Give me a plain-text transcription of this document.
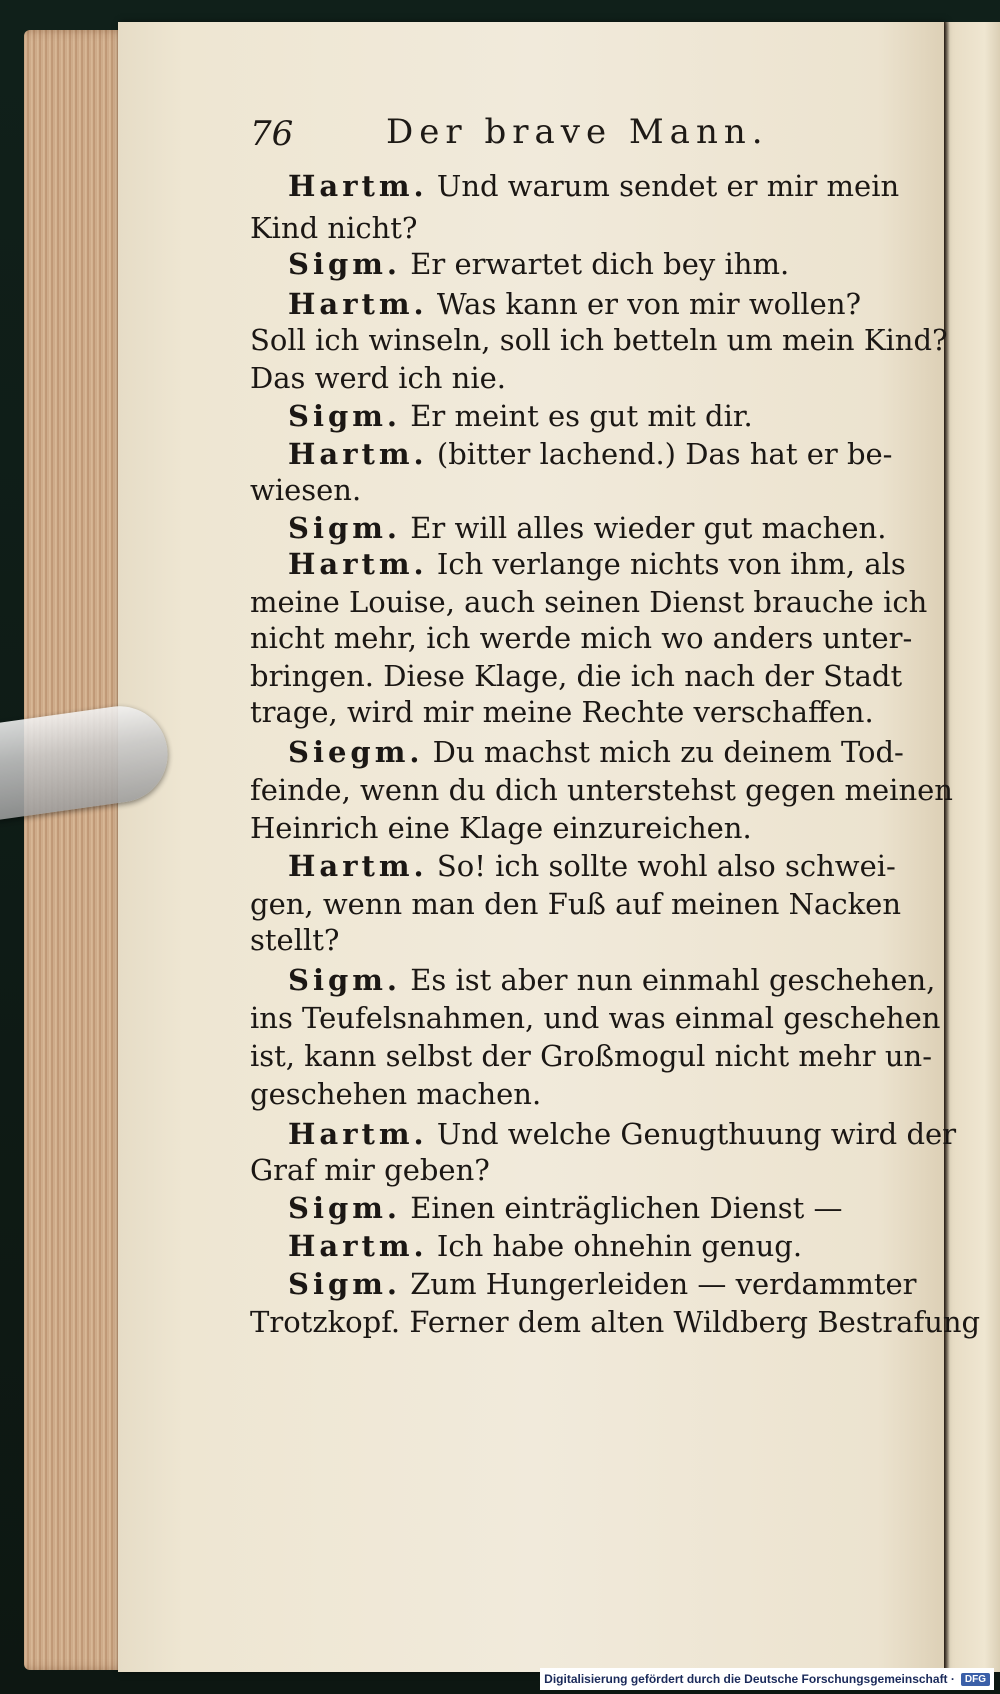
76	Der brave Mann.
Hartm. Und warum sendet er mir mein
Kind nicht?
Sigm. Er erwartet dich bey ihm.
Hartm. Was kann er von mir wollen?
Soll ich winseln, soll ich betteln um mein Kind?
Das werd ich nie.
Sigm. Er meint es gut mit dir.
Hartm. (bitter lachend.) Das hat er be-
wiesen.
Sigm. Er will alles wieder gut machen.
Hartm. Ich verlange nichts von ihm, als
meine Louise, auch seinen Dienst brauche ich
nicht mehr, ich werde mich wo anders unter-
bringen. Diese Klage, die ich nach der Stadt
trage, wird mir meine Rechte verschaffen.
Siegm. Du machst mich zu deinem Tod-
feinde, wenn du dich unterstehst gegen meinen
Heinrich eine Klage einzureichen.
Hartm. So! ich sollte wohl also schwei-
gen, wenn man den Fuß auf meinen Nacken
stellt?
Sigm. Es ist aber nun einmahl geschehen,
ins Teufelsnahmen, und was einmal geschehen
ist, kann selbst der Großmogul nicht mehr un-
geschehen machen.
Hartm. Und welche Genugthuung wird der
Graf mir geben?
Sigm. Einen einträglichen Dienst —
Hartm. Ich habe ohnehin genug.
Sigm. Zum Hungerleiden — verdammter
Trotzkopf. Ferner dem alten Wildberg Bestrafung
Digitalisierung gefördert durch die Deutsche Forschungsgemeinschaft ·	DFG
